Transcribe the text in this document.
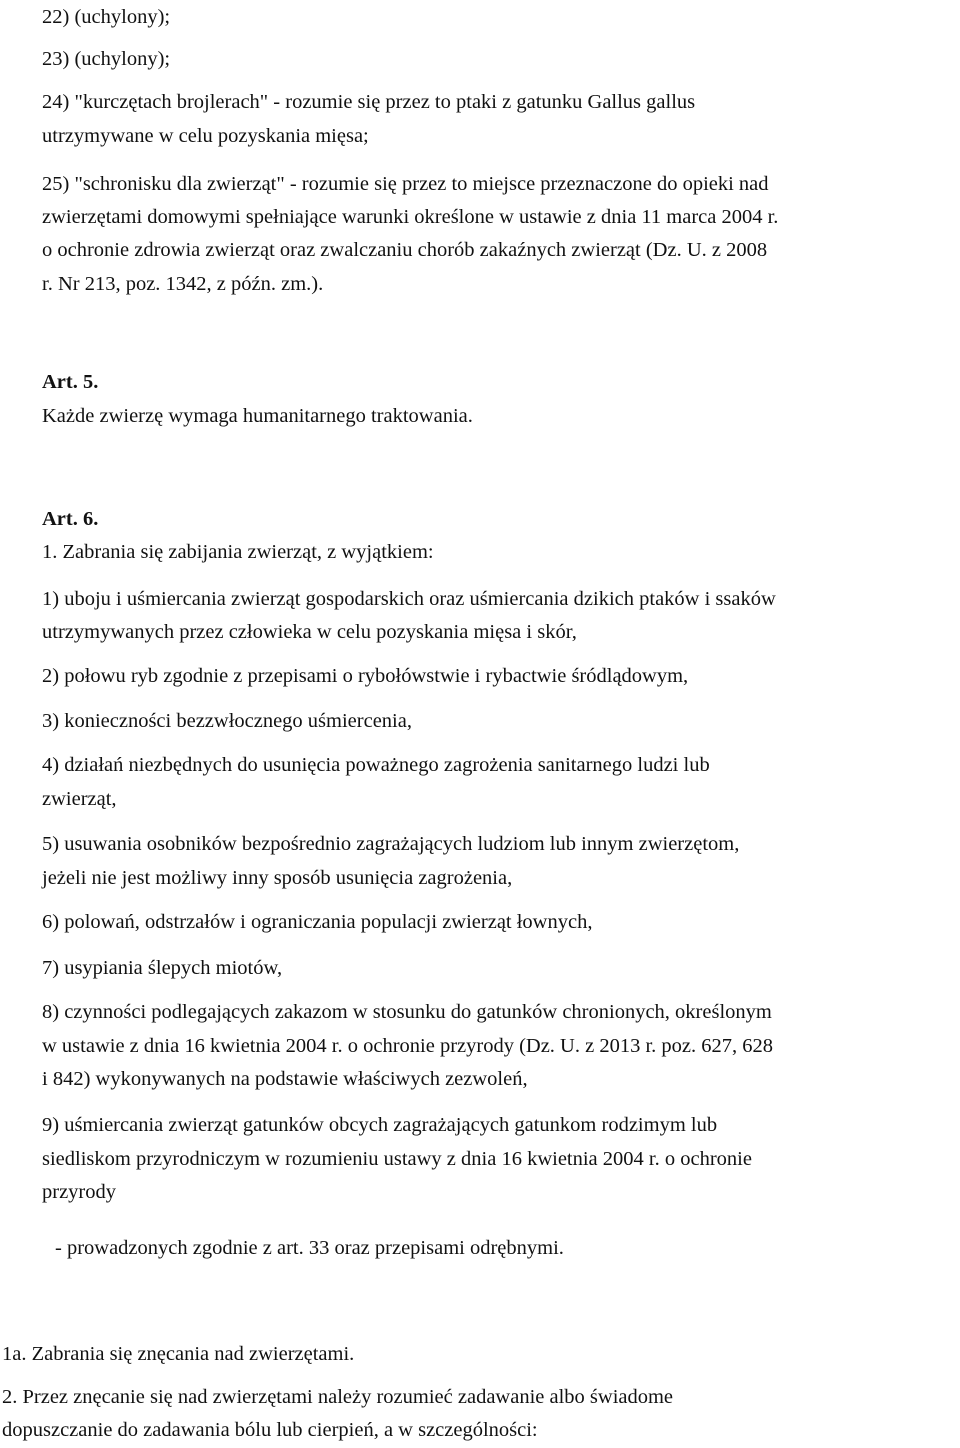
22) (uchylony);
23) (uchylony);
24) "kurczętach brojlerach" - rozumie się przez to ptaki z gatunku Gallus gallus
utrzymywane w celu pozyskania mięsa;
25) "schronisku dla zwierząt" - rozumie się przez to miejsce przeznaczone do opieki nad
zwierzętami domowymi spełniające warunki określone w ustawie z dnia 11 marca 2004 r.
o ochronie zdrowia zwierząt oraz zwalczaniu chorób zakaźnych zwierząt (Dz. U. z 2008
r. Nr 213, poz. 1342, z późn. zm.).
Art. 5.
Każde zwierzę wymaga humanitarnego traktowania.
Art. 6.
1. Zabrania się zabijania zwierząt, z wyjątkiem:
1) uboju i uśmiercania zwierząt gospodarskich oraz uśmiercania dzikich ptaków i ssaków
utrzymywanych przez człowieka w celu pozyskania mięsa i skór,
2) połowu ryb zgodnie z przepisami o rybołówstwie i rybactwie śródlądowym,
3) konieczności bezzwłocznego uśmiercenia,
4) działań niezbędnych do usunięcia poważnego zagrożenia sanitarnego ludzi lub
zwierząt,
5) usuwania osobników bezpośrednio zagrażających ludziom lub innym zwierzętom,
jeżeli nie jest możliwy inny sposób usunięcia zagrożenia,
6) polowań, odstrzałów i ograniczania populacji zwierząt łownych,
7) usypiania ślepych miotów,
8) czynności podlegających zakazom w stosunku do gatunków chronionych, określonym
w ustawie z dnia 16 kwietnia 2004 r. o ochronie przyrody (Dz. U. z 2013 r. poz. 627, 628
i 842) wykonywanych na podstawie właściwych zezwoleń,
9) uśmiercania zwierząt gatunków obcych zagrażających gatunkom rodzimym lub
siedliskom przyrodniczym w rozumieniu ustawy z dnia 16 kwietnia 2004 r. o ochronie
przyrody
- prowadzonych zgodnie z art. 33 oraz przepisami odrębnymi.
1a. Zabrania się znęcania nad zwierzętami.
2. Przez znęcanie się nad zwierzętami należy rozumieć zadawanie albo świadome
dopuszczanie do zadawania bólu lub cierpień, a w szczególności:
